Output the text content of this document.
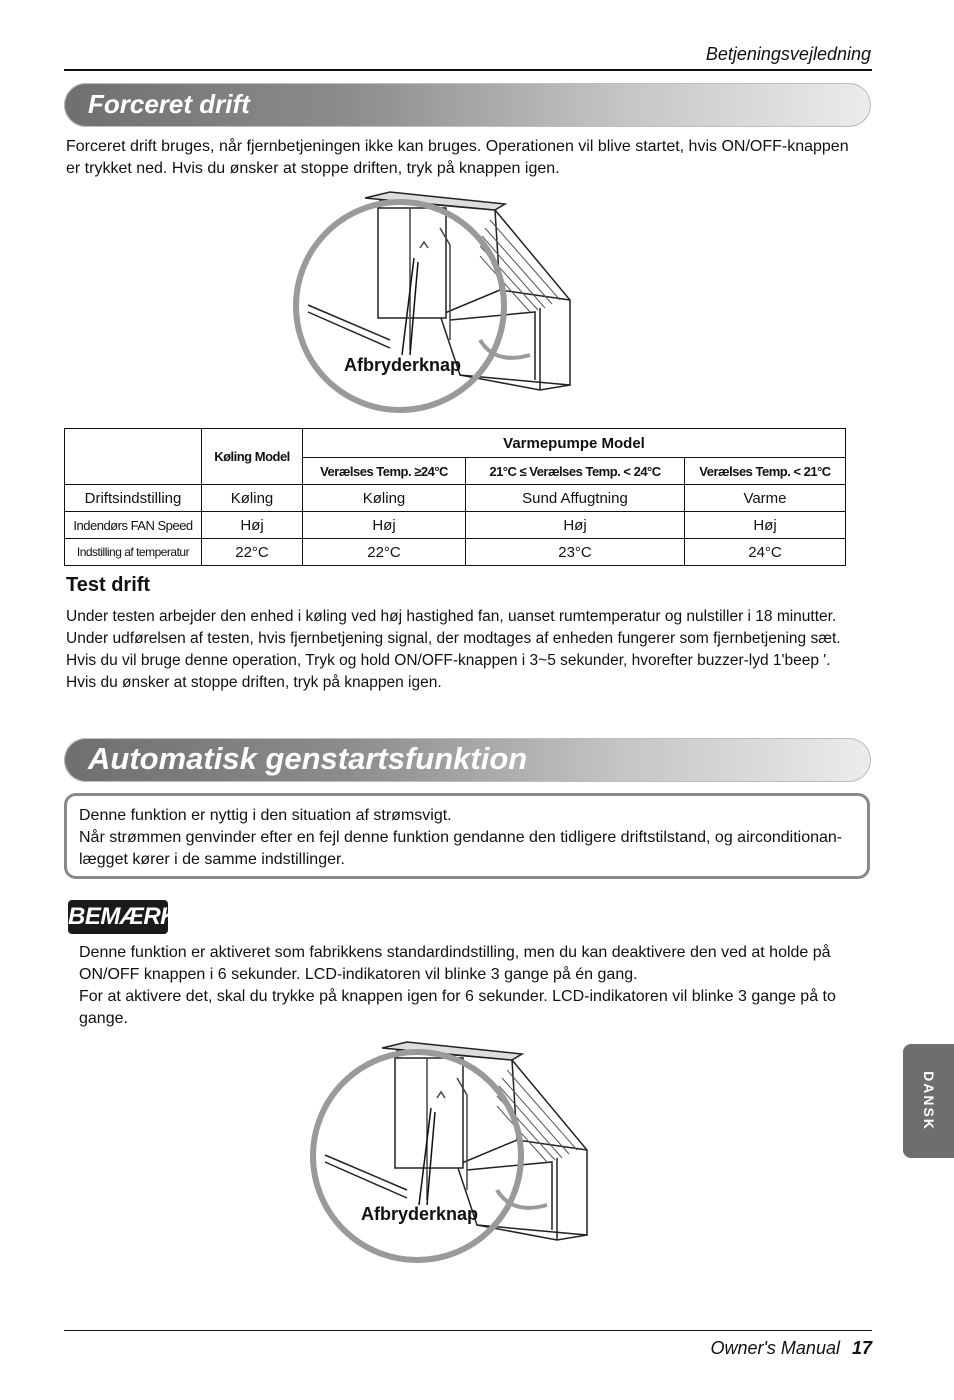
Betjeningsvejledning
Forceret drift
Forceret drift bruges, når fjernbetjeningen ikke kan bruges. Operationen vil blive startet, hvis ON/OFF-knappen
er trykket ned. Hvis du ønsker at stoppe driften, tryk på knappen igen.
Afbryderknap
	Køling Model	Varmepumpe Model		
		Verælses Temp. ≥24°C	21°C ≤ Verælses Temp. < 24°C	Verælses Temp. < 21°C
Driftsindstilling	Køling	Køling	Sund Affugtning	Varme
Indendørs FAN Speed	Høj	Høj	Høj	Høj
Indstilling af temperatur	22°C	22°C	23°C	24°C
Test drift
Under testen arbejder den enhed i køling ved høj hastighed fan, uanset rumtemperatur og nulstiller i 18 minutter.
Under udførelsen af testen, hvis fjernbetjening signal, der modtages af enheden fungerer som fjernbetjening sæt.
Hvis du vil bruge denne operation, Tryk og hold ON/OFF-knappen i 3~5 sekunder, hvorefter buzzer-lyd 1'beep '.
Hvis du ønsker at stoppe driften, tryk på knappen igen.
Automatisk genstartsfunktion
Denne funktion er nyttig i den situation af strømsvigt.
Når strømmen genvinder efter en fejl denne funktion gendanne den tidligere driftstilstand, og airconditionan-
lægget kører i de samme indstillinger.
BEMÆRK
Denne funktion er aktiveret som fabrikkens standardindstilling, men du kan deaktivere den ved at holde på
ON/OFF knappen i 6 sekunder. LCD-indikatoren vil blinke 3 gange på én gang.
For at aktivere det, skal du trykke på knappen igen for 6 sekunder. LCD-indikatoren vil blinke 3 gange på to
gange.
Afbryderknap
DANSK
Owner's Manual 17
